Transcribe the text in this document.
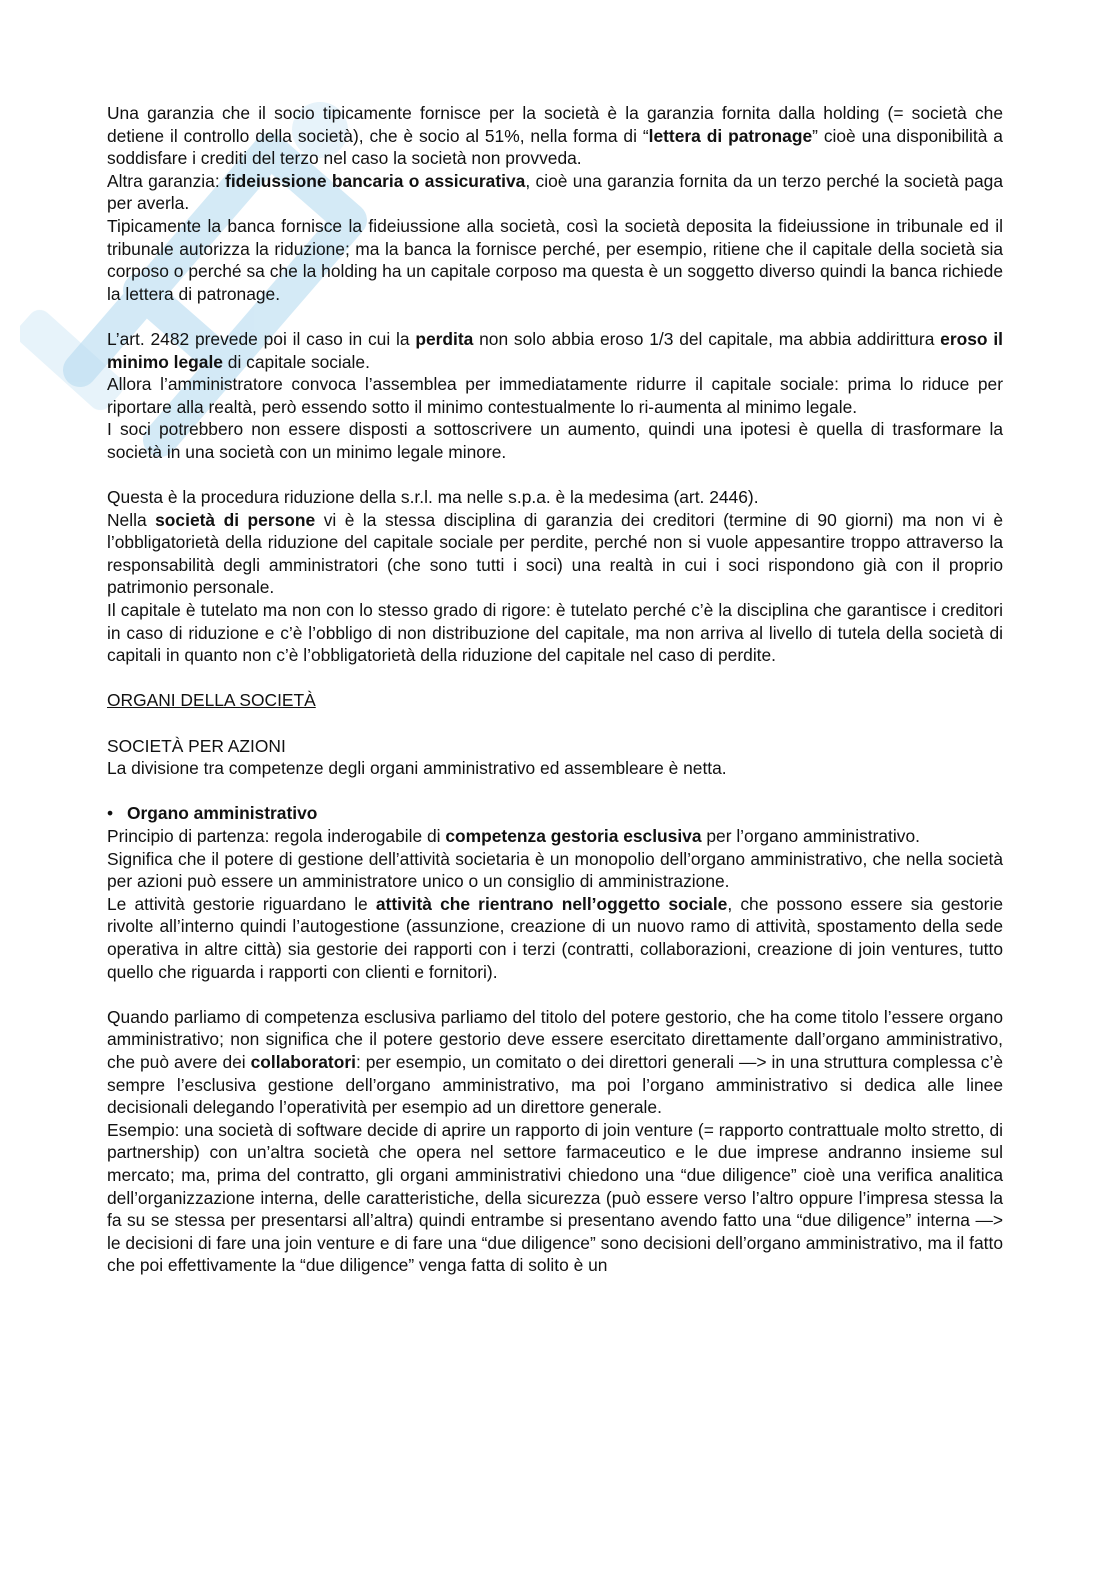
Una garanzia che il socio tipicamente fornisce per la società è la garanzia fornita dalla holding (= società che detiene il controllo della società), che è socio al 51%, nella forma di “lettera di patronage” cioè una disponibilità a soddisfare i crediti del terzo nel caso la società non provveda.

Altra garanzia: fideiussione bancaria o assicurativa, cioè una garanzia fornita da un terzo perché la società paga per averla.

Tipicamente la banca fornisce la fideiussione alla società, così la società deposita la fideiussione in tribunale ed il tribunale autorizza la riduzione; ma la banca la fornisce perché, per esempio, ritiene che il capitale della società sia corposo o perché sa che la holding ha un capitale corposo ma questa è un soggetto diverso quindi la banca richiede la lettera di patronage.

L’art. 2482 prevede poi il caso in cui la perdita non solo abbia eroso 1/3 del capitale, ma abbia addirittura eroso il minimo legale di capitale sociale.

Allora l’amministratore convoca l’assemblea per immediatamente ridurre il capitale sociale: prima lo riduce per riportare alla realtà, però essendo sotto il minimo contestualmente lo ri-aumenta al minimo legale.

I soci potrebbero non essere disposti a sottoscrivere un aumento, quindi una ipotesi è quella di trasformare la società in una società con un minimo legale minore.

Questa è la procedura riduzione della s.r.l. ma nelle s.p.a. è la medesima (art. 2446).

Nella società di persone vi è la stessa disciplina di garanzia dei creditori (termine di 90 giorni) ma non vi è l’obbligatorietà della riduzione del capitale sociale per perdite, perché non si vuole appesantire troppo attraverso la responsabilità degli amministratori (che sono tutti i soci) una realtà in cui i soci rispondono già con il proprio patrimonio personale.

Il capitale è tutelato ma non con lo stesso grado di rigore: è tutelato perché c’è la disciplina che garantisce i creditori in caso di riduzione e c’è l’obbligo di non distribuzione del capitale, ma non arriva al livello di tutela della società di capitali in quanto non c’è l’obbligatorietà della riduzione del capitale nel caso di perdite.

ORGANI DELLA SOCIETÀ

SOCIETÀ PER AZIONI

La divisione tra competenze degli organi amministrativo ed assembleare è netta.

• Organo amministrativo

Principio di partenza: regola inderogabile di competenza gestoria esclusiva per l’organo amministrativo.

Significa che il potere di gestione dell’attività societaria è un monopolio dell’organo amministrativo, che nella società per azioni può essere un amministratore unico o un consiglio di amministrazione.

Le attività gestorie riguardano le attività che rientrano nell’oggetto sociale, che possono essere sia gestorie rivolte all’interno quindi l’autogestione (assunzione, creazione di un nuovo ramo di attività, spostamento della sede operativa in altre città) sia gestorie dei rapporti con i terzi (contratti, collaborazioni, creazione di join ventures, tutto quello che riguarda i rapporti con clienti e fornitori).

Quando parliamo di competenza esclusiva parliamo del titolo del potere gestorio, che ha come titolo l’essere organo amministrativo; non significa che il potere gestorio deve essere esercitato direttamente dall’organo amministrativo, che può avere dei collaboratori: per esempio, un comitato o dei direttori generali —> in una struttura complessa c’è sempre l’esclusiva gestione dell’organo amministrativo, ma poi l’organo amministrativo si dedica alle linee decisionali delegando l’operatività per esempio ad un direttore generale.

Esempio: una società di software decide di aprire un rapporto di join venture (= rapporto contrattuale molto stretto, di partnership) con un’altra società che opera nel settore farmaceutico e le due imprese andranno insieme sul mercato; ma, prima del contratto, gli organi amministrativi chiedono una “due diligence” cioè una verifica analitica dell’organizzazione interna, delle caratteristiche, della sicurezza (può essere verso l’altro oppure l’impresa stessa la fa su se stessa per presentarsi all’altra) quindi entrambe si presentano avendo fatto una “due diligence” interna —> le decisioni di fare una join venture e di fare una “due diligence” sono decisioni dell’organo amministrativo, ma il fatto che poi effettivamente la “due diligence” venga fatta di solito è un
